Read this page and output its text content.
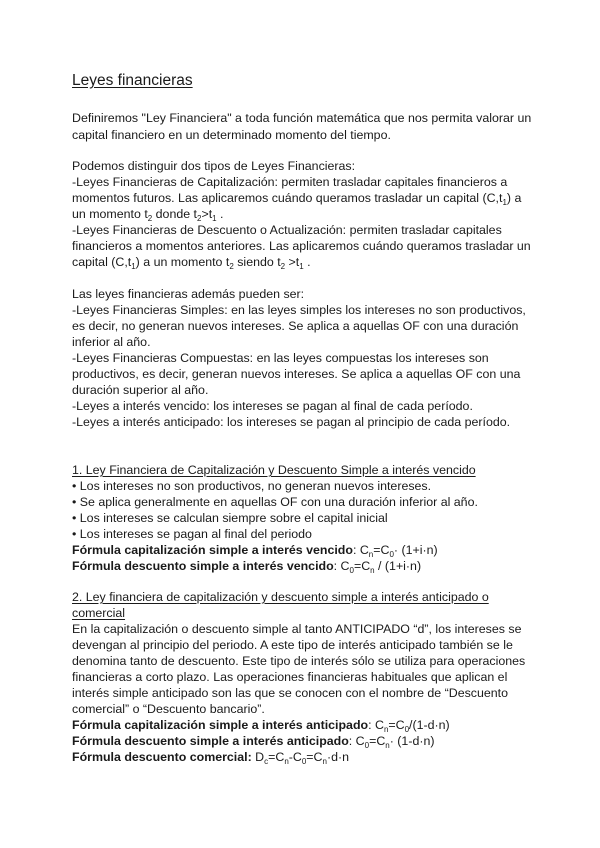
Leyes financieras
Definiremos "Ley Financiera" a toda función matemática que nos permita valorar un
capital financiero en un determinado momento del tiempo.
Podemos distinguir dos tipos de Leyes Financieras:
-Leyes Financieras de Capitalización: permiten trasladar capitales financieros a
momentos futuros. Las aplicaremos cuándo queramos trasladar un capital $(C,t_1)$ a
un momento $t_2$ donde $t_2>t_1$ .
-Leyes Financieras de Descuento o Actualización: permiten trasladar capitales
financieros a momentos anteriores. Las aplicaremos cuándo queramos trasladar un
capital $(C,t_1)$ a un momento $t_2$ siendo $t_2 >t_1$ .
Las leyes financieras además pueden ser:
-Leyes Financieras Simples: en las leyes simples los intereses no son productivos,
es decir, no generan nuevos intereses. Se aplica a aquellas OF con una duración
inferior al año.
-Leyes Financieras Compuestas: en las leyes compuestas los intereses son
productivos, es decir, generan nuevos intereses. Se aplica a aquellas OF con una
duración superior al año.
-Leyes a interés vencido: los intereses se pagan al final de cada período.
-Leyes a interés anticipado: los intereses se pagan al principio de cada período.
1. Ley Financiera de Capitalización y Descuento Simple a interés vencido
• Los intereses no son productivos, no generan nuevos intereses.
• Se aplica generalmente en aquellas OF con una duración inferior al año.
• Los intereses se calculan siempre sobre el capital inicial
• Los intereses se pagan al final del periodo
Fórmula capitalización simple a interés vencido: $C_n=C_0\cdot (1+i\cdot n)$
Fórmula descuento simple a interés vencido: $C_0=C_n / (1+i\cdot n)$
2. Ley financiera de capitalización y descuento simple a interés anticipado o
comercial
En la capitalización o descuento simple al tanto ANTICIPADO “d”, los intereses se
devengan al principio del periodo. A este tipo de interés anticipado también se le
denomina tanto de descuento. Este tipo de interés sólo se utiliza para operaciones
financieras a corto plazo. Las operaciones financieras habituales que aplican el
interés simple anticipado son las que se conocen con el nombre de “Descuento
comercial” o “Descuento bancario”.
Fórmula capitalización simple a interés anticipado: $C_n=C_0/(1-d\cdot n)$
Fórmula descuento simple a interés anticipado: $C_0=C_n\cdot (1-d\cdot n)$
Fórmula descuento comercial: $D_c=C_n-C_0=C_n\cdot d\cdot n$
